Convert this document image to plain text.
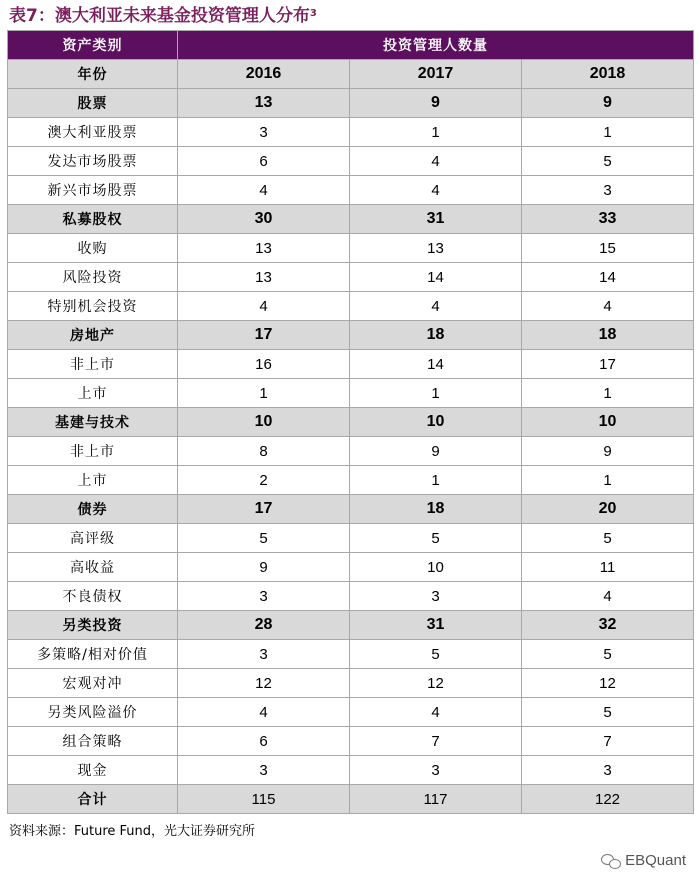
表7：澳大利亚未来基金投资管理人分布$^3$
资产类别	投资管理人数量		
年份	2016	2017	2018
股票	13	9	9
澳大利亚股票	3	1	1
发达市场股票	6	4	5
新兴市场股票	4	4	3
私募股权	30	31	33
收购	13	13	15
风险投资	13	14	14
特别机会投资	4	4	4
房地产	17	18	18
非上市	16	14	17
上市	1	1	1
基建与技术	10	10	10
非上市	8	9	9
上市	2	1	1
债券	17	18	20
高评级	5	5	5
高收益	9	10	11
不良债权	3	3	4
另类投资	28	31	32
多策略/相对价值	3	5	5
宏观对冲	12	12	12
另类风险溢价	4	4	5
组合策略	6	7	7
现金	3	3	3
合计	115	117	122
资料来源：Future Fund，光大证券研究所
EBQuant
